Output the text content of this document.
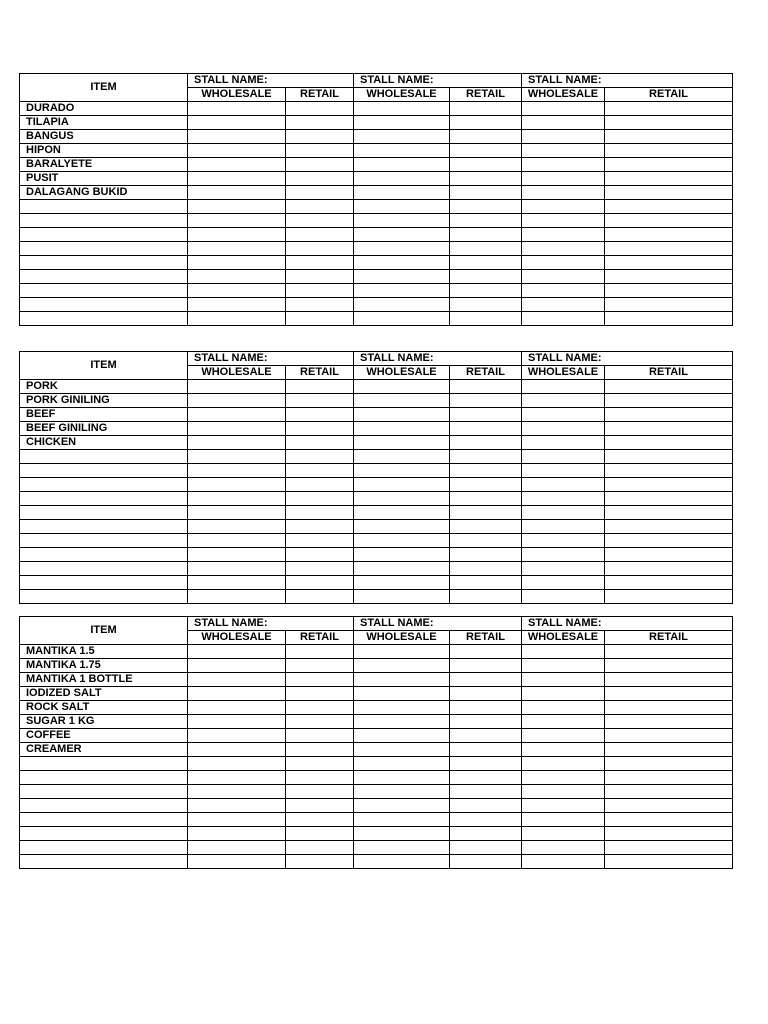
ITEM	STALL NAME:		STALL NAME:		STALL NAME:	
	WHOLESALE	RETAIL	WHOLESALE	RETAIL	WHOLESALE	RETAIL
DURADO						
TILAPIA						
BANGUS						
HIPON						
BARALYETE						
PUSIT						
DALAGANG BUKID						

ITEM	STALL NAME:		STALL NAME:		STALL NAME:	
	WHOLESALE	RETAIL	WHOLESALE	RETAIL	WHOLESALE	RETAIL
PORK						
PORK GINILING						
BEEF						
BEEF GINILING						
CHICKEN						

ITEM	STALL NAME:		STALL NAME:		STALL NAME:	
	WHOLESALE	RETAIL	WHOLESALE	RETAIL	WHOLESALE	RETAIL
MANTIKA 1.5						
MANTIKA 1.75						
MANTIKA 1 BOTTLE						
IODIZED SALT						
ROCK SALT						
SUGAR 1 KG						
COFFEE						
CREAMER						
